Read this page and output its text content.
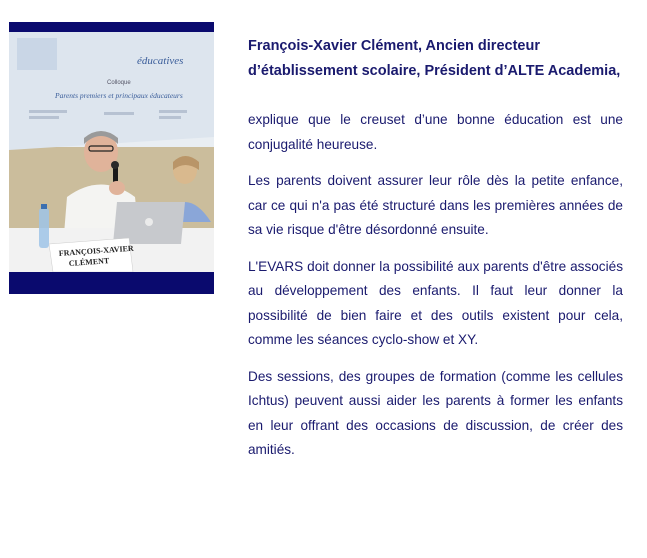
éducatives
Colloque
Parents premiers et principaux éducateurs
FRANÇOIS-XAVIER
CLÉMENT

François-Xavier Clément, Ancien directeur d’établissement scolaire, Président d’ALTE Academia,

explique que le creuset d’une bonne éducation est une conjugalité heureuse.

Les parents doivent assurer leur rôle dès la petite enfance, car ce qui n'a pas été structuré dans les premières années de sa vie risque d'être désordonné ensuite.

L'EVARS doit donner la possibilité aux parents d'être associés au développement des enfants. Il faut leur donner la possibilité de bien faire et des outils existent pour cela, comme les séances cyclo-show et XY.

Des sessions, des groupes de formation (comme les cellules Ichtus) peuvent aussi aider les parents à former les enfants en leur offrant des occasions de discussion, de créer des amitiés.
